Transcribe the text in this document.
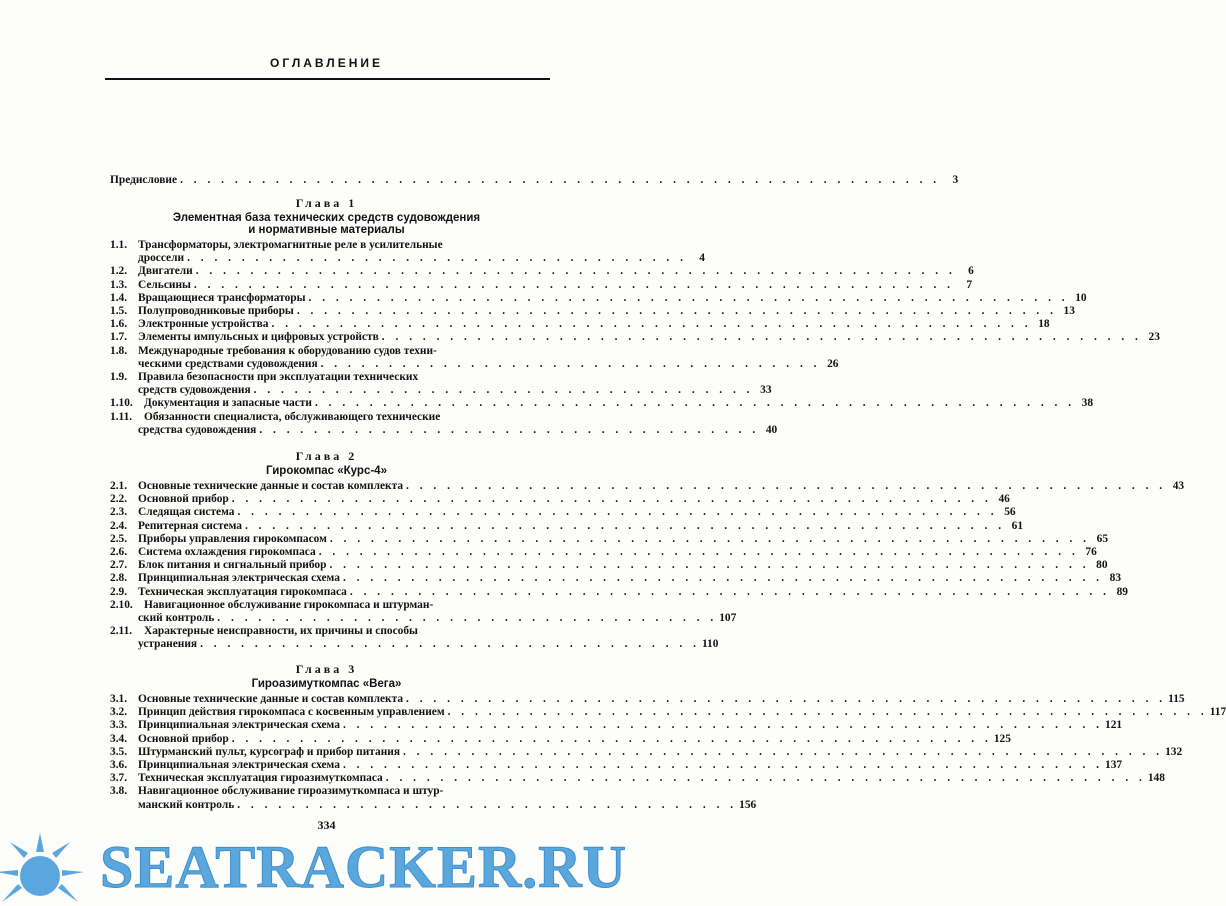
ОГЛАВЛЕНИЕ
Предисловие . . .	3
Глава 1
Элементная база технических средств судовождения
и нормативные материалы
1.1. Трансформаторы, электромагнитные реле в усилительные
дроссели . . .	4
1.2. Двигатели . . .	6
1.3. Сельсины . . .	7
1.4. Вращающиеся трансформаторы . . .	10
1.5. Полупроводниковые приборы . . .	13
1.6. Электронные устройства . . .	18
1.7. Элементы импульсных и цифровых устройств . . .	23
1.8. Международные требования к оборудованию судов техни-
ческими средствами судовождения . . .	26
1.9. Правила безопасности при эксплуатации технических
средств судовождения . . .	33
1.10. Документация и запасные части . . .	38
1.11.	Обязанности специалиста, обслуживающего технические
средства судовождения . . .	40
Глава 2
Гирокомпас «Курс-4»
2.1. Основные технические данные и состав комплекта . . .	43
2.2. Основной прибор . . .	46
2.3. Следящая система . . .	56
2.4. Репитерная система . . .	61
2.5. Приборы управления гирокомпасом . . .	65
2.6. Система охлаждения гирокомпаса . . .	76
2.7. Блок питания и сигнальный прибор . . .	80
2.8. Принципиальная электрическая схема . . .	83
2.9. Техническая эксплуатация гирокомпаса . . .	89
2.10. Навигационное обслуживание гирокомпаса и штурман-
ский контроль . . .	107
2.11.	Характерные неисправности, их причины и способы
устранения . . .	110
Глава 3
Гироазимуткомпас «Вега»
3.1. Основные технические данные и состав комплекта . . .	115
3.2. Принцип действия гирокомпаса с косвенным управлением . . .	117
3.3. Принципиальная электрическая схема . . .	121
3.4. Основной прибор . . .	125
3.5. Штурманский пульт, курсограф и прибор питания . . .	132
3.6. Принципиальная электрическая схема . . .	137
3.7. Техническая эксплуатация гироазимуткомпаса . . .	148
3.8. Навигационное обслуживание гироазимуткомпаса и штур-
манский контроль . . .	156
334
SEATRACKER.RU
